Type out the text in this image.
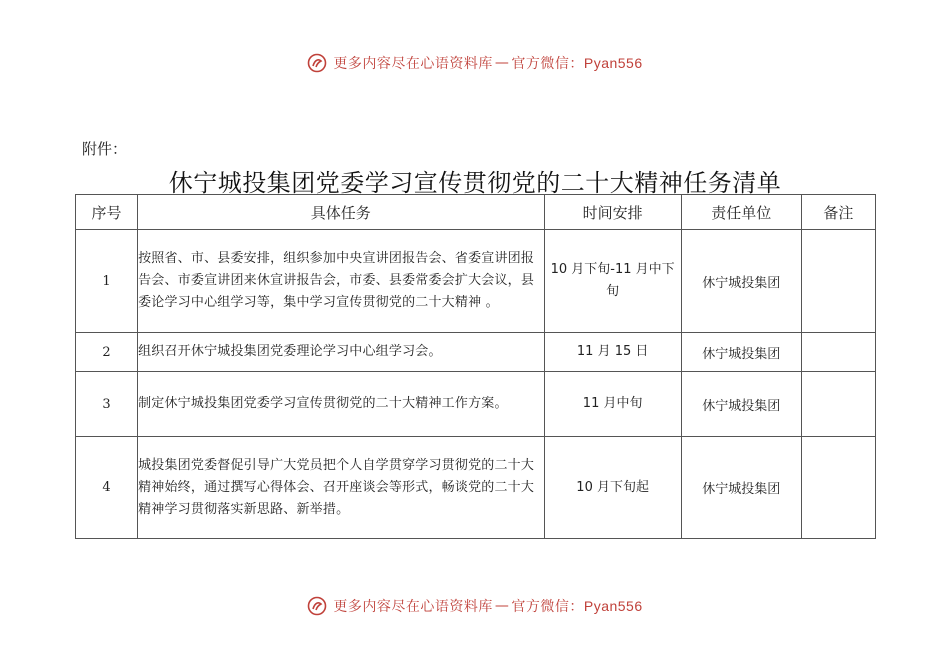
更多内容尽在心语资料库 — 官方微信： Pyan556
附件：
休宁城投集团党委学习宣传贯彻党的二十大精神任务清单
序号	具体任务	时间安排	责任单位	备注
1	按照省、市、县委安排，组织参加中央宣讲团报告会、省委宣讲团报告会、市委宣讲团来休宣讲报告会，市委、县委常委会扩大会议，县委论学习中心组学习等，集中学习宣传贯彻党的二十大精神 。	10 月下旬-11 月中下旬	休宁城投集团	
2	组织召开休宁城投集团党委理论学习中心组学习会。	11 月 15 日	休宁城投集团	
3	制定休宁城投集团党委学习宣传贯彻党的二十大精神工作方案。	11 月中旬	休宁城投集团	
4	城投集团党委督促引导广大党员把个人自学贯穿学习贯彻党的二十大精神始终，通过撰写心得体会、召开座谈会等形式，畅谈党的二十大精神学习贯彻落实新思路、新举措。	10 月下旬起	休宁城投集团	
更多内容尽在心语资料库 — 官方微信： Pyan556
